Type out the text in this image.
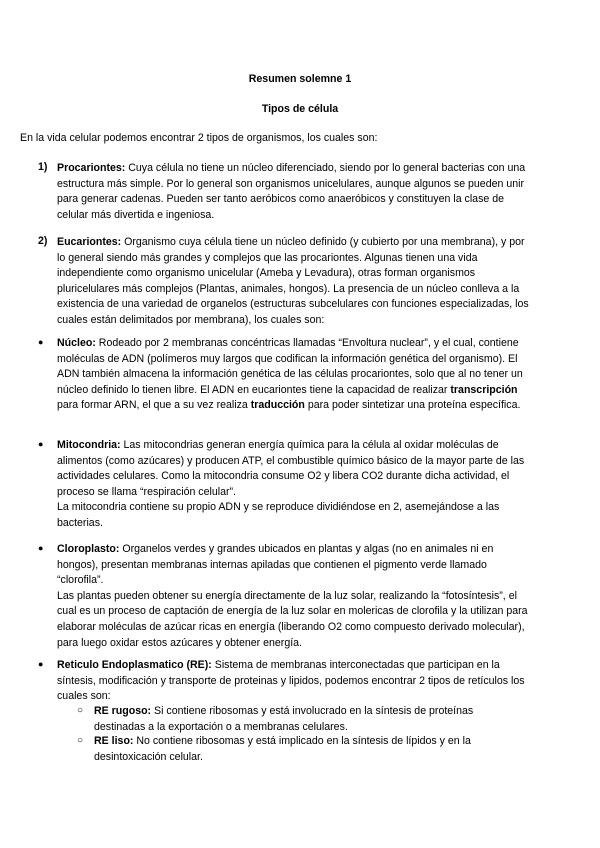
Resumen solemne 1
Tipos de célula
En la vida celular podemos encontrar 2 tipos de organismos, los cuales son:
1) Procariontes: Cuya célula no tiene un núcleo diferenciado, siendo por lo general bacterias con una estructura más simple. Por lo general son organismos unicelulares, aunque algunos se pueden unir para generar cadenas. Pueden ser tanto aeróbicos como anaeróbicos y constituyen la clase de celular más divertida e ingeniosa.
2) Eucariontes: Organismo cuya célula tiene un núcleo definido (y cubierto por una membrana), y por lo general siendo más grandes y complejos que las procariontes. Algunas tienen una vida independiente como organismo unicelular (Ameba y Levadura), otras forman organismos pluricelulares más complejos (Plantas, animales, hongos). La presencia de un núcleo conlleva a la existencia de una variedad de organelos (estructuras subcelulares con funciones especializadas, los cuales están delimitados por membrana), los cuales son:
● Núcleo: Rodeado por 2 membranas concéntricas llamadas “Envoltura nuclear”, y el cual, contiene moléculas de ADN (polímeros muy largos que codifican la información genética del organismo). El ADN también almacena la información genética de las células procariontes, solo que al no tener un núcleo definido lo tienen libre. El ADN en eucariontes tiene la capacidad de realizar transcripción para formar ARN, el que a su vez realiza traducción para poder sintetizar una proteína específica.
● Mitocondria: Las mitocondrias generan energía química para la célula al oxidar moléculas de alimentos (como azúcares) y producen ATP, el combustible químico básico de la mayor parte de las actividades celulares. Como la mitocondria consume O2 y libera CO2 durante dicha actividad, el proceso se llama “respiración celular”.
La mitocondria contiene su propio ADN y se reproduce dividiéndose en 2, asemejándose a las bacterias.
● Cloroplasto: Organelos verdes y grandes ubicados en plantas y algas (no en animales ni en hongos), presentan membranas internas apiladas que contienen el pigmento verde llamado “clorofila”.
Las plantas pueden obtener su energía directamente de la luz solar, realizando la “fotosíntesis”, el cual es un proceso de captación de energía de la luz solar en molericas de clorofila y la utilizan para elaborar moléculas de azúcar ricas en energía (liberando O2 como compuesto derivado molecular), para luego oxidar estos azúcares y obtener energía.
● Reticulo Endoplasmatico (RE): Sistema de membranas interconectadas que participan en la síntesis, modificación y transporte de proteinas y lipidos, podemos encontrar 2 tipos de retículos los cuales son:
○ RE rugoso: Si contiene ribosomas y está involucrado en la síntesis de proteínas destinadas a la exportación o a membranas celulares.
○ RE liso: No contiene ribosomas y está implicado en la síntesis de lípidos y en la desintoxicación celular.
